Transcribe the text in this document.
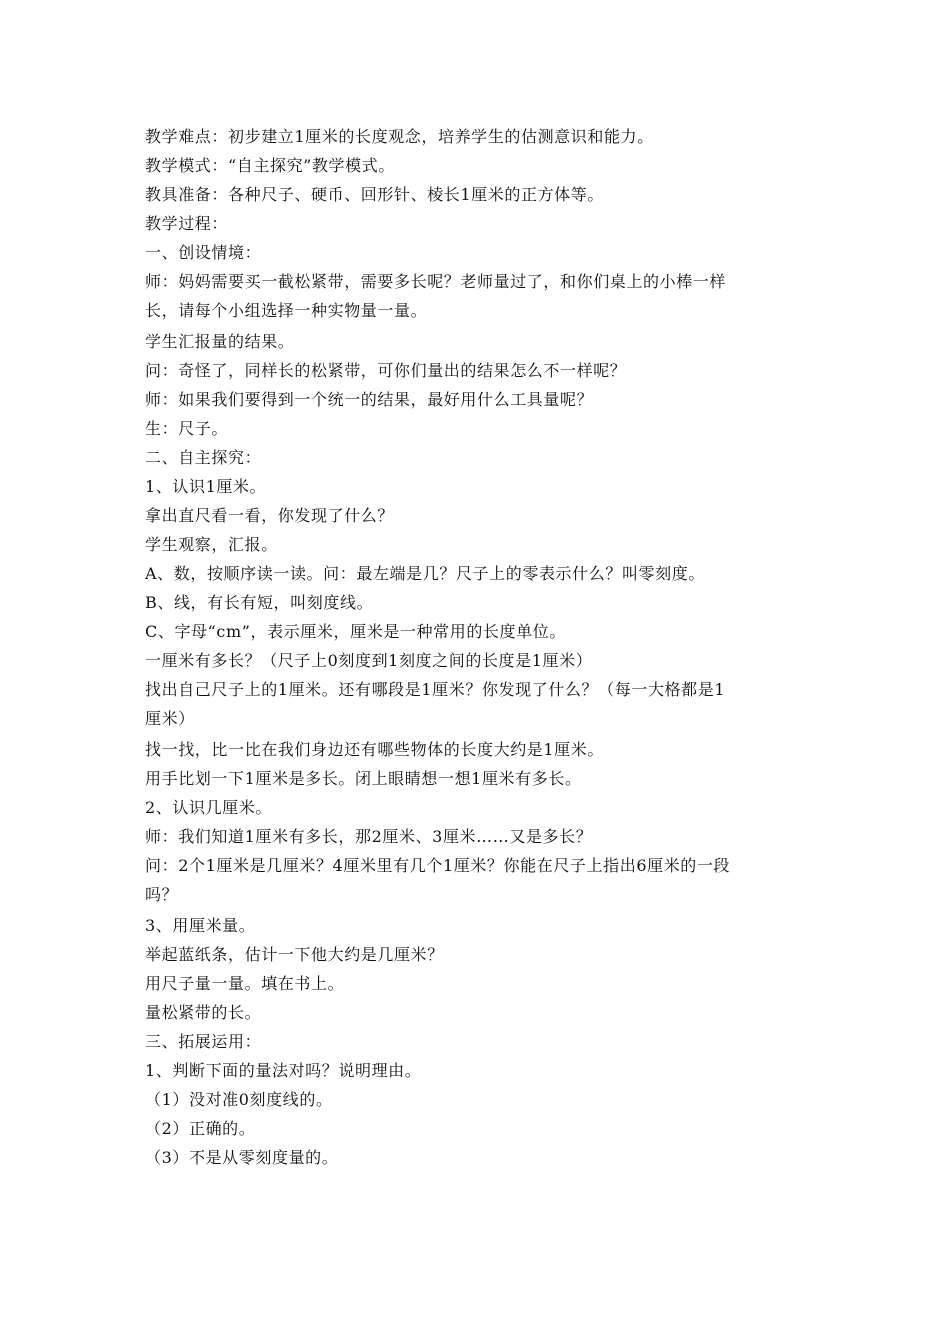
教学难点：初步建立1厘米的长度观念，培养学生的估测意识和能力。

教学模式：“自主探究”教学模式。

教具准备：各种尺子、硬币、回形针、棱长1厘米的正方体等。

教学过程：

一、创设情境：

师：妈妈需要买一截松紧带，需要多长呢？老师量过了，和你们桌上的小棒一样
长，请每个小组选择一种实物量一量。

学生汇报量的结果。

问：奇怪了，同样长的松紧带，可你们量出的结果怎么不一样呢？

师：如果我们要得到一个统一的结果，最好用什么工具量呢？

生：尺子。

二、自主探究：

1、认识1厘米。

拿出直尺看一看，你发现了什么？

学生观察，汇报。

A、数，按顺序读一读。问：最左端是几？尺子上的零表示什么？叫零刻度。

B、线，有长有短，叫刻度线。

C、字母“cm”，表示厘米，厘米是一种常用的长度单位。

一厘米有多长？（尺子上0刻度到1刻度之间的长度是1厘米）

找出自己尺子上的1厘米。还有哪段是1厘米？你发现了什么？（每一大格都是1
厘米）

找一找，比一比在我们身边还有哪些物体的长度大约是1厘米。

用手比划一下1厘米是多长。闭上眼睛想一想1厘米有多长。

2、认识几厘米。

师：我们知道1厘米有多长，那2厘米、3厘米……又是多长？

问：2个1厘米是几厘米？4厘米里有几个1厘米？你能在尺子上指出6厘米的一段
吗？

3、用厘米量。

举起蓝纸条，估计一下他大约是几厘米？

用尺子量一量。填在书上。

量松紧带的长。

三、拓展运用：

1、判断下面的量法对吗？说明理由。

（1）没对准0刻度线的。

（2）正确的。

（3）不是从零刻度量的。
